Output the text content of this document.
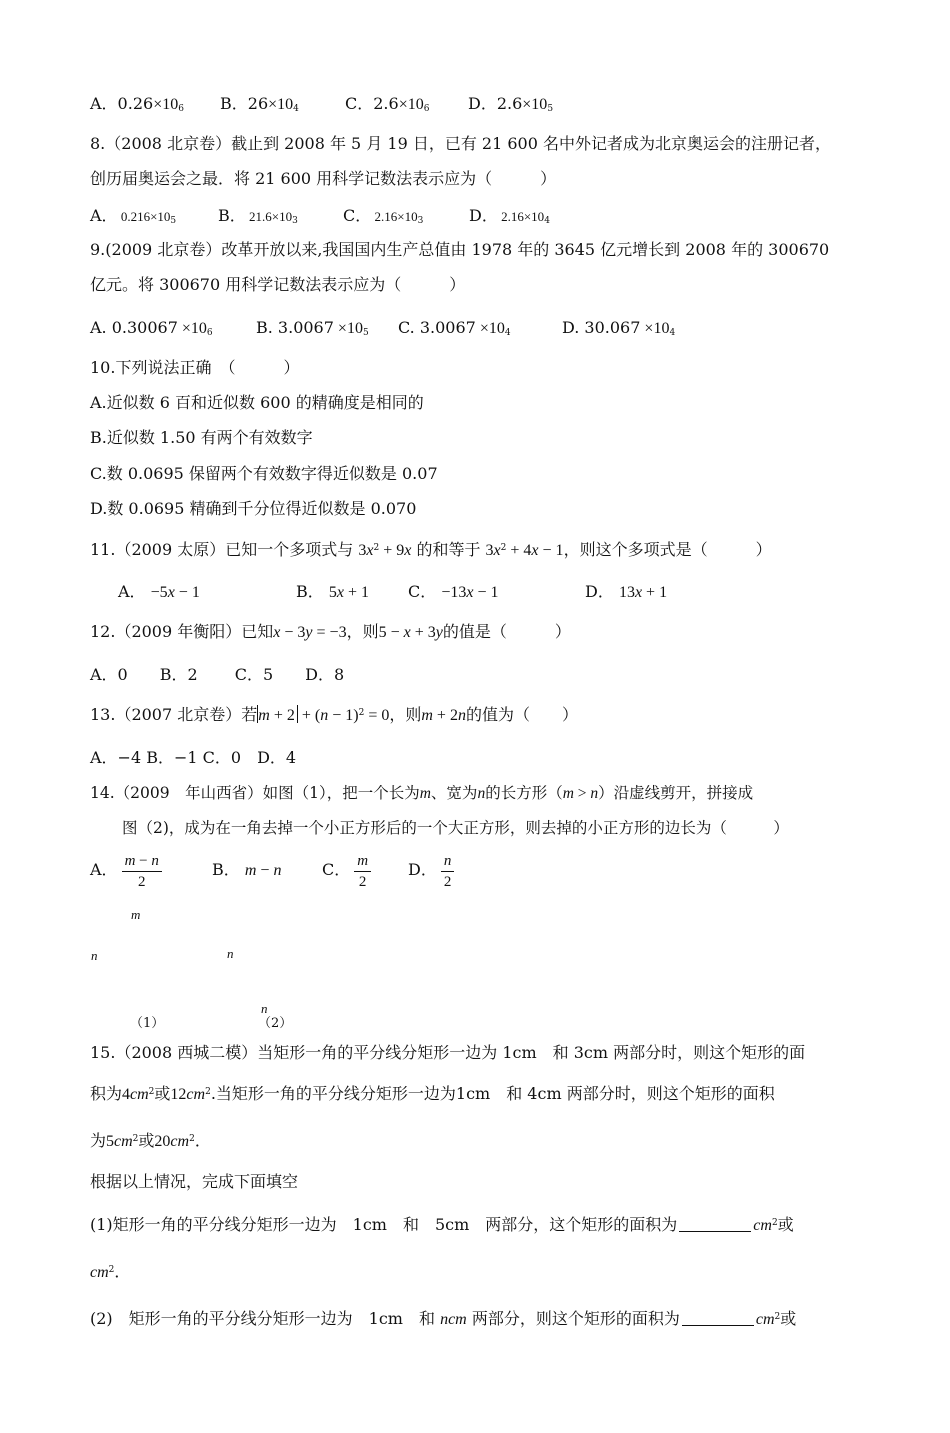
A．$0.26\times 10_6$ B．$26\times 10_4$	C．$2.6\times 10_6$ D．$2.6\times 10_5$
8.（2008 北京卷）截止到 2008 年 5 月 19 日，已有 21 600 名中外记者成为北京奥运会的注册记者，
创历届奥运会之最．将 21 600 用科学记数法表示应为（　　　）
A． $0.216\times 10_5$	B． $21.6\times 10_3$	C． $2.16\times 10_3$	D． $2.16\times 10_4$
9.(2009 北京卷）改革开放以来,我国国内生产总值由 1978 年的 3645 亿元增长到 2008 年的 300670
亿元。将 300670 用科学记数法表示应为（　　　）
A. $0.30067 \times 10_6$	B. $3.0067 \times 10_5$ C. $3.0067 \times 10_4$	D. $30.067 \times 10_4$
10.下列说法正确　（　　　）
A.近似数 6 百和近似数 600 的精确度是相同的
B.近似数 1.50 有两个有效数字
C.数 0.0695 保留两个有效数字得近似数是 0.07
D.数 0.0695 精确到千分位得近似数是 0.070
11.（2009 太原）已知一个多项式与 $3x^2 + 9x$ 的和等于 $3x^2 + 4x - 1$，则这个多项式是（　　　）
A． −5x − 1	B． 5x + 1 C． −13x − 1	D． 13x + 1
12.（2009 年衡阳）已知x − 3y = −3，则5 − x + 3y的值是（　　　）
A．0　　B．2　　 C．5　　D．8
13.（2007 北京卷）若$m + 2 + (n - 1)^2 = 0$，则m + 2n的值为（　　）
A．−4 B．−1 C．0　D．4
14.（2009　年山西省）如图（1），把一个长为m、宽为n的长方形（m > n）沿虚线剪开，拼接成
图（2)，成为在一角去掉一个小正方形后的一个大正方形，则去掉的小正方形的边长为（　　　）
A． $\frac{m - n}{2}$	B． m − n	C． $\frac{m}{2}$ D． $\frac{n}{2}$
m
n	n
n
（1）	（2）
15.（2008 西城二模）当矩形一角的平分线分矩形一边为 1cm　和 3cm 两部分时，则这个矩形的面
积为$4cm^2$或$12cm^2$.当矩形一角的平分线分矩形一边为1cm　和 4cm 两部分时，则这个矩形的面积
为$5cm^2$或$20cm^2$．
根据以上情况，完成下面填空
(1)矩形一角的平分线分矩形一边为　1cm　和　5cm　两部分，这个矩形的面积为	$cm^2$或
$cm^2$．
(2)　矩形一角的平分线分矩形一边为　1cm　和 ncm 两部分，则这个矩形的面积为	$cm^2$或
